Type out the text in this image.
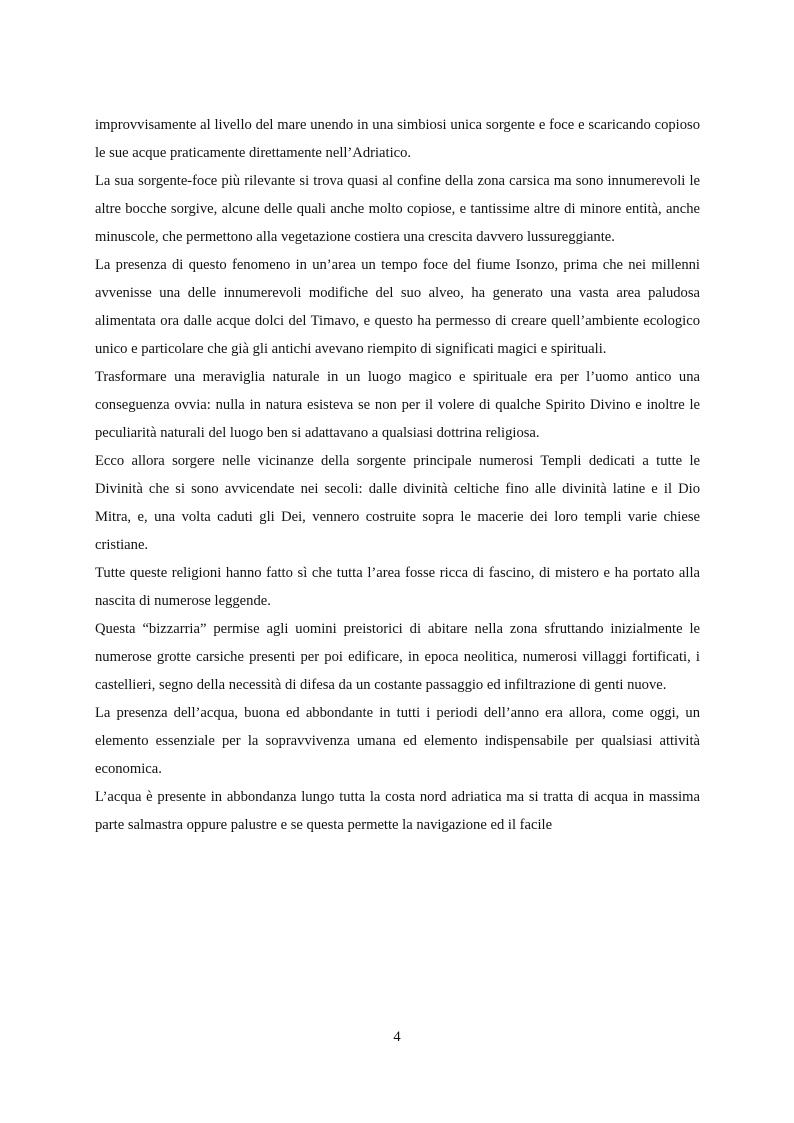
improvvisamente al livello del mare unendo in una simbiosi unica sorgente e foce e scaricando copioso le sue acque praticamente direttamente nell’Adriatico.

La sua sorgente-foce più rilevante si trova quasi al confine della zona carsica ma sono innumerevoli le altre bocche sorgive, alcune delle quali anche molto copiose, e tantissime altre di minore entità, anche minuscole, che permettono alla vegetazione costiera una crescita davvero lussureggiante.

La presenza di questo fenomeno in un’area un tempo foce del fiume Isonzo, prima che nei millenni avvenisse una delle innumerevoli modifiche del suo alveo, ha generato una vasta area paludosa alimentata ora dalle acque dolci del Timavo, e questo ha permesso di creare quell’ambiente ecologico unico e particolare che già gli antichi avevano riempito di significati magici e spirituali.

Trasformare una meraviglia naturale in un luogo magico e spirituale era per l’uomo antico una conseguenza ovvia: nulla in natura esisteva se non per il volere di qualche Spirito Divino e inoltre le peculiarità naturali del luogo ben si adattavano a qualsiasi dottrina religiosa.

Ecco allora sorgere nelle vicinanze della sorgente principale numerosi Templi dedicati a tutte le Divinità che si sono avvicendate nei secoli: dalle divinità celtiche fino alle divinità latine e il Dio Mitra, e, una volta caduti gli Dei, vennero costruite sopra le macerie dei loro templi varie chiese cristiane.

Tutte queste religioni hanno fatto sì che tutta l’area fosse ricca di fascino, di mistero e ha portato alla nascita di numerose leggende.

Questa “bizzarria” permise agli uomini preistorici di abitare nella zona sfruttando inizialmente le numerose grotte carsiche presenti per poi edificare, in epoca neolitica, numerosi villaggi fortificati, i castellieri, segno della necessità di difesa da un costante passaggio ed infiltrazione di genti nuove.

La presenza dell’acqua, buona ed abbondante in tutti i periodi dell’anno era allora, come oggi, un elemento essenziale per la sopravvivenza umana ed elemento indispensabile per qualsiasi attività economica.

L’acqua è presente in abbondanza lungo tutta la costa nord adriatica ma si tratta di acqua in massima parte salmastra oppure palustre e se questa permette la navigazione ed il facile

4
